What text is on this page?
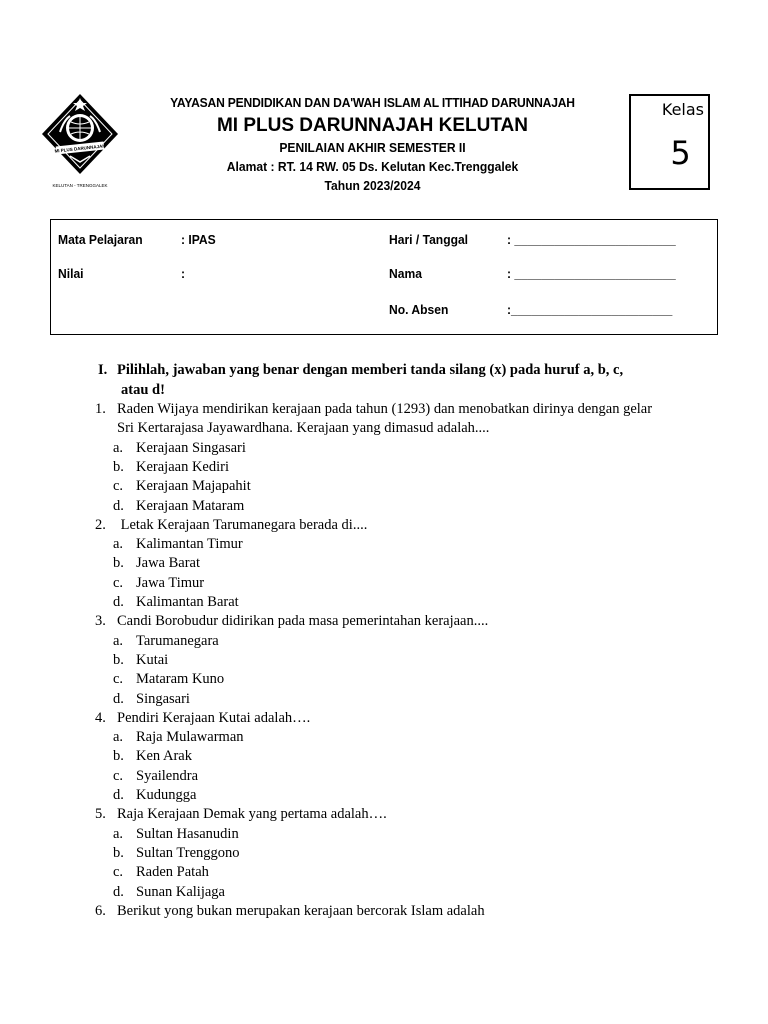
MI PLUS DARUNNAJAH
KELUTAN - TRENGGALEK
YAYASAN PENDIDIKAN DAN DA'WAH ISLAM AL ITTIHAD DARUNNAJAH
MI PLUS DARUNNAJAH KELUTAN
PENILAIAN AKHIR SEMESTER II
Alamat : RT. 14 RW. 05 Ds. Kelutan Kec.Trenggalek
Tahun 2023/2024
Kelas
5
Mata Pelajaran	: IPAS
Nilai	:
Hari / Tanggal	: ________________________
Nama	: ________________________
No. Absen	:________________________
I. Pilihlah, jawaban yang benar dengan memberi tanda silang (x) pada huruf a, b, c,
atau d!
1. Raden Wijaya mendirikan kerajaan pada tahun (1293) dan menobatkan dirinya dengan gelar
Sri Kertarajasa Jayawardhana. Kerajaan yang dimasud adalah....
a. Kerajaan Singasari
b. Kerajaan Kediri
c. Kerajaan Majapahit
d. Kerajaan Mataram
2. Letak Kerajaan Tarumanegara berada di....
a. Kalimantan Timur
b. Jawa Barat
c. Jawa Timur
d. Kalimantan Barat
3. Candi Borobudur didirikan pada masa pemerintahan kerajaan....
a. Tarumanegara
b. Kutai
c. Mataram Kuno
d. Singasari
4. Pendiri Kerajaan Kutai adalah….
a. Raja Mulawarman
b. Ken Arak
c. Syailendra
d. Kudungga
5. Raja Kerajaan Demak yang pertama adalah….
a. Sultan Hasanudin
b. Sultan Trenggono
c. Raden Patah
d. Sunan Kalijaga
6. Berikut yong bukan merupakan kerajaan bercorak Islam adalah
